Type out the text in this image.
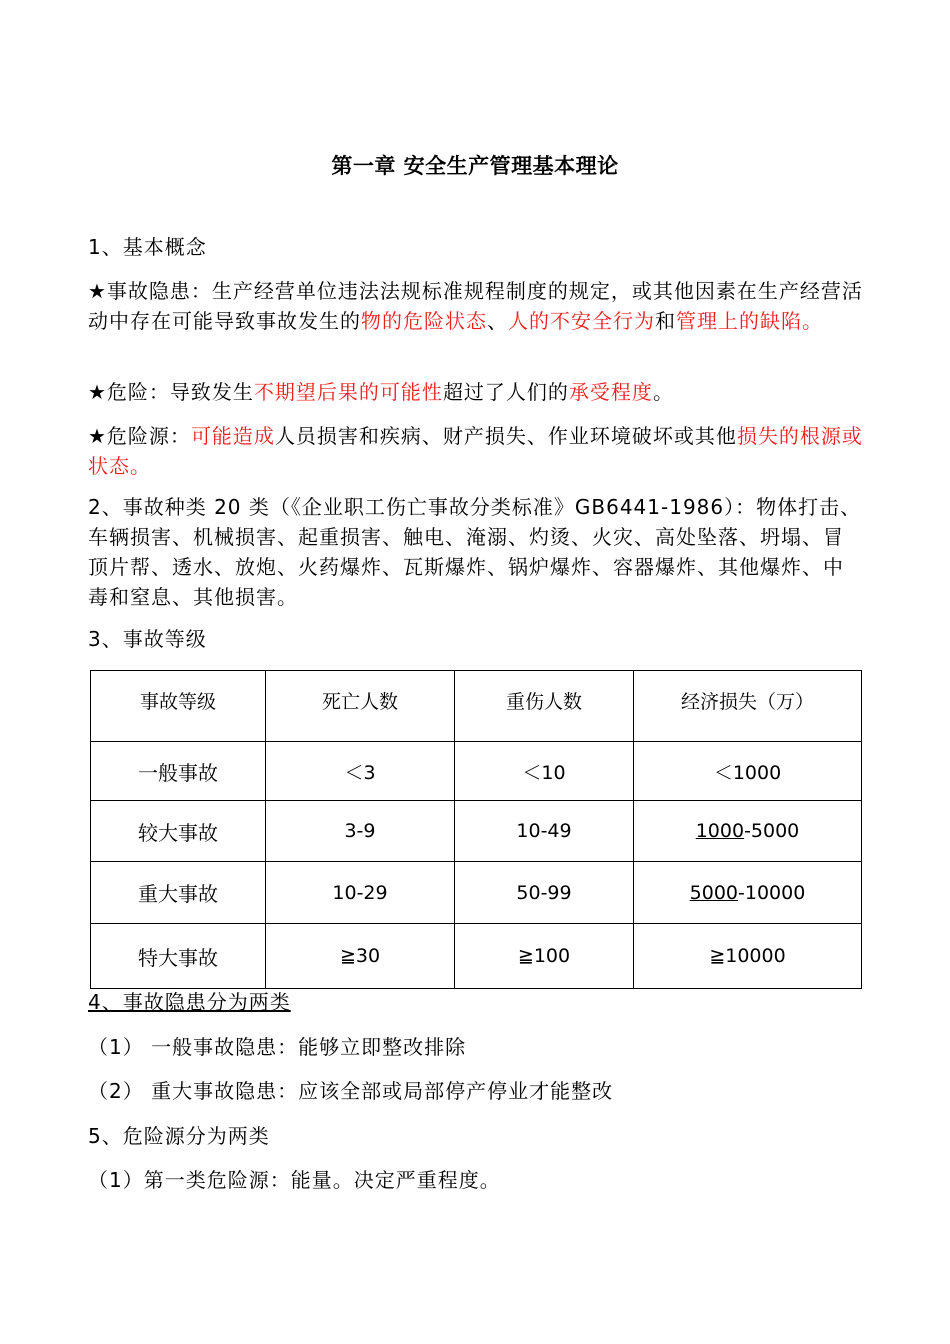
第一章 安全生产管理基本理论
1、基本概念
★事故隐患：生产经营单位违法法规标准规程制度的规定，或其他因素在生产经营活动中存在可能导致事故发生的物的危险状态、人的不安全行为和管理上的缺陷。
★危险：导致发生不期望后果的可能性超过了人们的承受程度。
★危险源：可能造成人员损害和疾病、财产损失、作业环境破坏或其他损失的根源或状态。
2、事故种类 20 类（《企业职工伤亡事故分类标准》GB6441-1986）：物体打击、车辆损害、机械损害、起重损害、触电、淹溺、灼烫、火灾、高处坠落、坍塌、冒顶片帮、透水、放炮、火药爆炸、瓦斯爆炸、锅炉爆炸、容器爆炸、其他爆炸、中毒和窒息、其他损害。
3、事故等级
事故等级	死亡人数	重伤人数	经济损失（万）
一般事故	＜3	＜10	＜1000
较大事故	3-9	10-49	1000-5000
重大事故	10-29	50-99	5000-10000
特大事故	≧30	≧100	≧10000
4、事故隐患分为两类
（1） 一般事故隐患：能够立即整改排除
（2） 重大事故隐患：应该全部或局部停产停业才能整改
5、危险源分为两类
（1）第一类危险源：能量。决定严重程度。
